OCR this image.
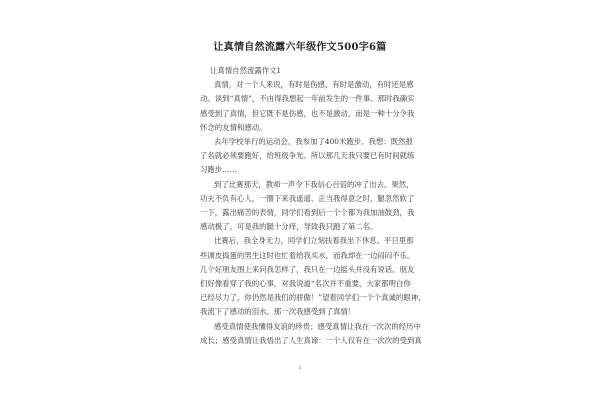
让真情自然流露六年级作文500字6篇

让真情自然流露作文1

真情，对一个人来说，有时是伤感，有时是激动，有时还是感
动。谈到“真情”，不由得我想起一年前发生的一件事。那时我确实
感受到了真情，但它既不是伤感，也不是激动，而是一种十分令我
怀念的友情和感动。
去年学校举行的运动会，我参加了400米跑步。我想：既然报
了名就必须要跑好，给班级争光。所以那几天我只要已有时间就练
习跑步……
到了比赛那天，教师一声令下我信心百倍的冲了出去。果然，
功夫不负有心人，一圈下来我遥遥、正当我得意之时，腿忽然软了
一下，露出痛苦的表情，同学们看到后一个个都为我加油鼓劲，我
感动极了，可是我的腿十分痒，导致我只跑了第二名。
比赛后，我全身无力，同学们立刻扶着我坐下休息。平日里那
些调皮捣蛋的男生这时也忙着给我买水，而我却在一边闷闷不乐。
几个好朋友围上来问我怎样了，我只在一边摇头并没有说话。朋友
们好像看穿了我的心事，对我说道“名次并不重要，大家都明白你
已经尽力了，你仍然是我们的骄傲！”望着同学们一个个真诚的眼神，
我流下了感动的泪水。那一次我感受到了真情！
感受真情使我懂得友谊的珍贵；感受真情让我在一次次的经历中
成长；感受真情让我悟出了人生真谛：一个人仅有在一次次的受到真
1
